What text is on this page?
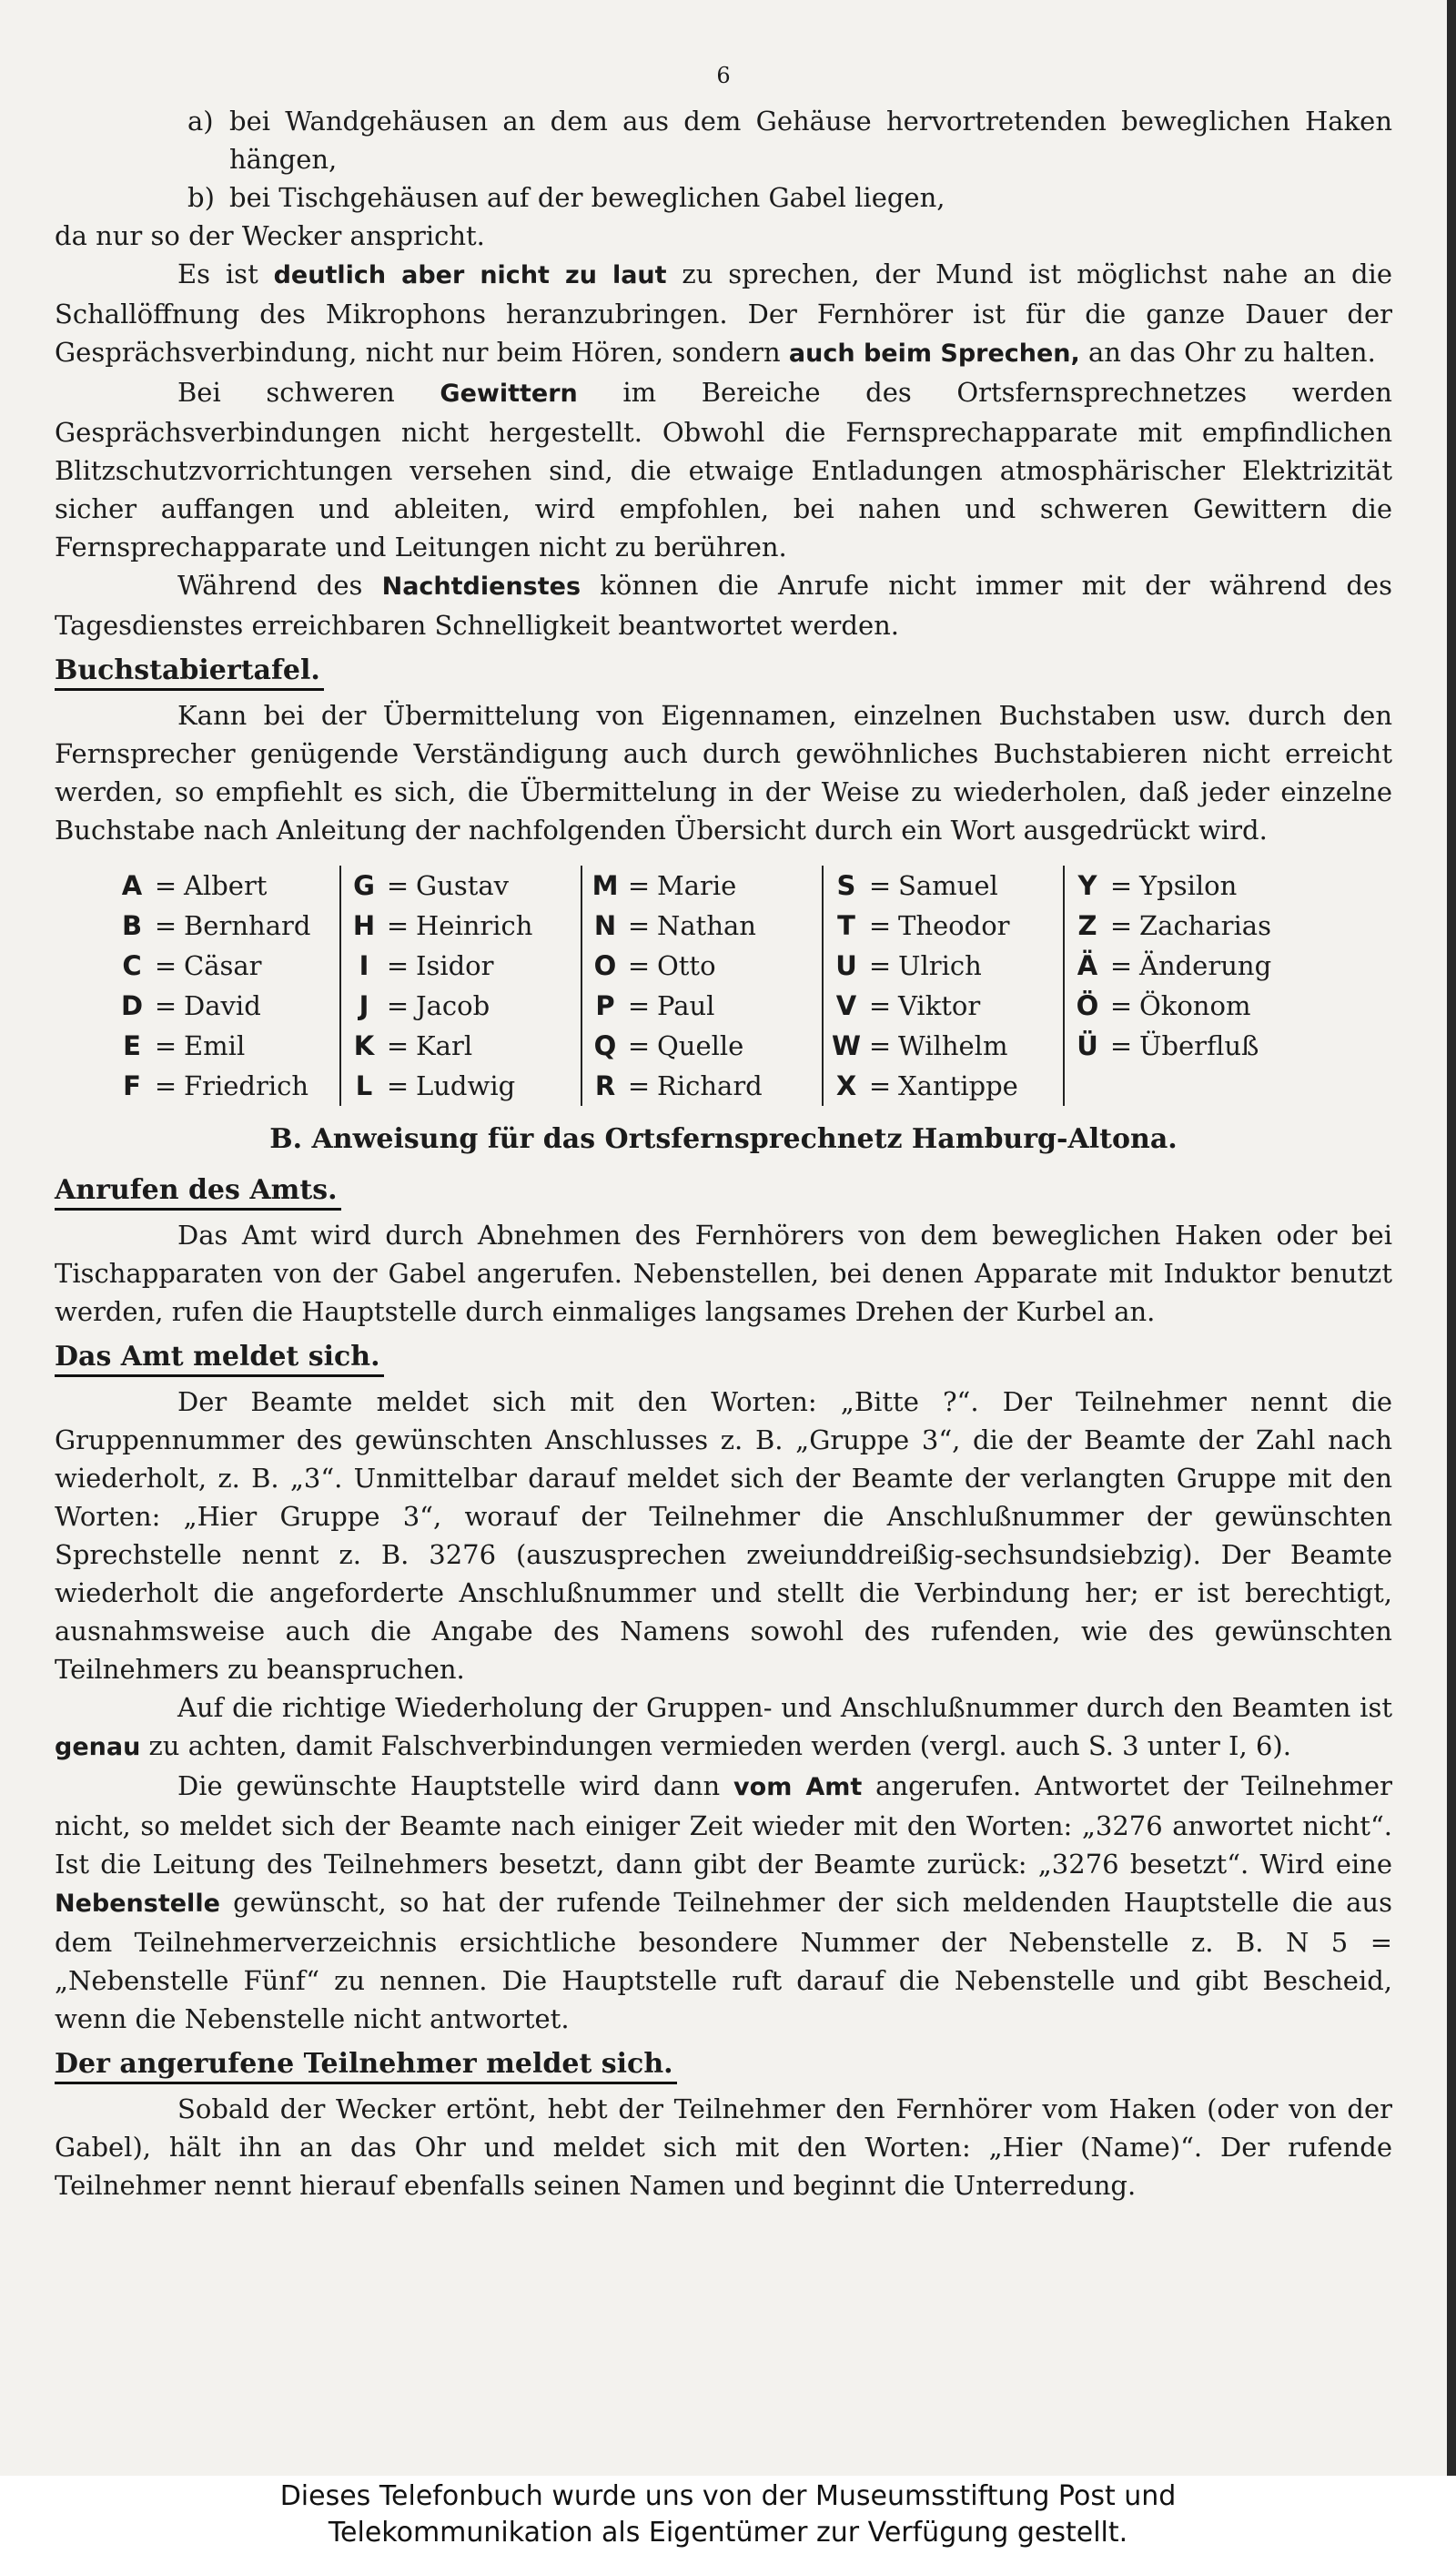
6
a) bei Wandgehäusen an dem aus dem Gehäuse hervortretenden beweglichen Haken hängen,
b) bei Tischgehäusen auf der beweglichen Gabel liegen,

da nur so der Wecker anspricht.

Es ist deutlich aber nicht zu laut zu sprechen, der Mund ist möglichst nahe an die Schallöffnung des Mikrophons heranzubringen. Der Fernhörer ist für die ganze Dauer der Gesprächsverbindung, nicht nur beim Hören, sondern auch beim Sprechen, an das Ohr zu halten.

Bei schweren Gewittern im Bereiche des Ortsfernsprechnetzes werden Gesprächsverbindungen nicht hergestellt. Obwohl die Fernsprechapparate mit empfindlichen Blitzschutzvorrichtungen versehen sind, die etwaige Entladungen atmosphärischer Elektrizität sicher auffangen und ableiten, wird empfohlen, bei nahen und schweren Gewittern die Fernsprechapparate und Leitungen nicht zu berühren.

Während des Nachtdienstes können die Anrufe nicht immer mit der während des Tagesdienstes erreichbaren Schnelligkeit beantwortet werden.

Buchstabiertafel.

Kann bei der Übermittelung von Eigennamen, einzelnen Buchstaben usw. durch den Fernsprecher genügende Verständigung auch durch gewöhnliches Buchstabieren nicht erreicht werden, so empfiehlt es sich, die Übermittelung in der Weise zu wiederholen, daß jeder einzelne Buchstabe nach Anleitung der nachfolgenden Übersicht durch ein Wort ausgedrückt wird.

A = Albert
B = Bernhard
C = Cäsar
D = David
E = Emil
F = Friedrich
G = Gustav
H = Heinrich
I = Isidor
J = Jacob
K = Karl
L = Ludwig
M = Marie
N = Nathan
O = Otto
P = Paul
Q = Quelle
R = Richard
S = Samuel
T = Theodor
U = Ulrich
V = Viktor
W = Wilhelm
X = Xantippe
Y = Ypsilon
Z = Zacharias
Ä = Änderung
Ö = Ökonom
Ü = Überfluß
B. Anweisung für das Ortsfernsprechnetz Hamburg-Altona.
Anrufen des Amts.

Das Amt wird durch Abnehmen des Fernhörers von dem beweglichen Haken oder bei Tischapparaten von der Gabel angerufen. Nebenstellen, bei denen Apparate mit Induktor benutzt werden, rufen die Hauptstelle durch einmaliges langsames Drehen der Kurbel an.

Das Amt meldet sich.

Der Beamte meldet sich mit den Worten: „Bitte ?“. Der Teilnehmer nennt die Gruppennummer des gewünschten Anschlusses z. B. „Gruppe 3“, die der Beamte der Zahl nach wiederholt, z. B. „3“. Unmittelbar darauf meldet sich der Beamte der verlangten Gruppe mit den Worten: „Hier Gruppe 3“, worauf der Teilnehmer die Anschlußnummer der gewünschten Sprechstelle nennt z. B. 3276 (auszusprechen zweiunddreißig-sechsundsiebzig). Der Beamte wiederholt die angeforderte Anschlußnummer und stellt die Verbindung her; er ist berechtigt, ausnahmsweise auch die Angabe des Namens sowohl des rufenden, wie des gewünschten Teilnehmers zu beanspruchen.

Auf die richtige Wiederholung der Gruppen- und Anschlußnummer durch den Beamten ist genau zu achten, damit Falschverbindungen vermieden werden (vergl. auch S. 3 unter I, 6).

Die gewünschte Hauptstelle wird dann vom Amt angerufen. Antwortet der Teilnehmer nicht, so meldet sich der Beamte nach einiger Zeit wieder mit den Worten: „3276 anwortet nicht“. Ist die Leitung des Teilnehmers besetzt, dann gibt der Beamte zurück: „3276 besetzt“. Wird eine Nebenstelle gewünscht, so hat der rufende Teilnehmer der sich meldenden Hauptstelle die aus dem Teilnehmerverzeichnis ersichtliche besondere Nummer der Nebenstelle z. B. N 5 = „Nebenstelle Fünf“ zu nennen. Die Hauptstelle ruft darauf die Nebenstelle und gibt Bescheid, wenn die Nebenstelle nicht antwortet.

Der angerufene Teilnehmer meldet sich.

Sobald der Wecker ertönt, hebt der Teilnehmer den Fernhörer vom Haken (oder von der Gabel), hält ihn an das Ohr und meldet sich mit den Worten: „Hier (Name)“. Der rufende Teilnehmer nennt hierauf ebenfalls seinen Namen und beginnt die Unterredung.

Dieses Telefonbuch wurde uns von der Museumsstiftung Post und
Telekommunikation als Eigentümer zur Verfügung gestellt.
